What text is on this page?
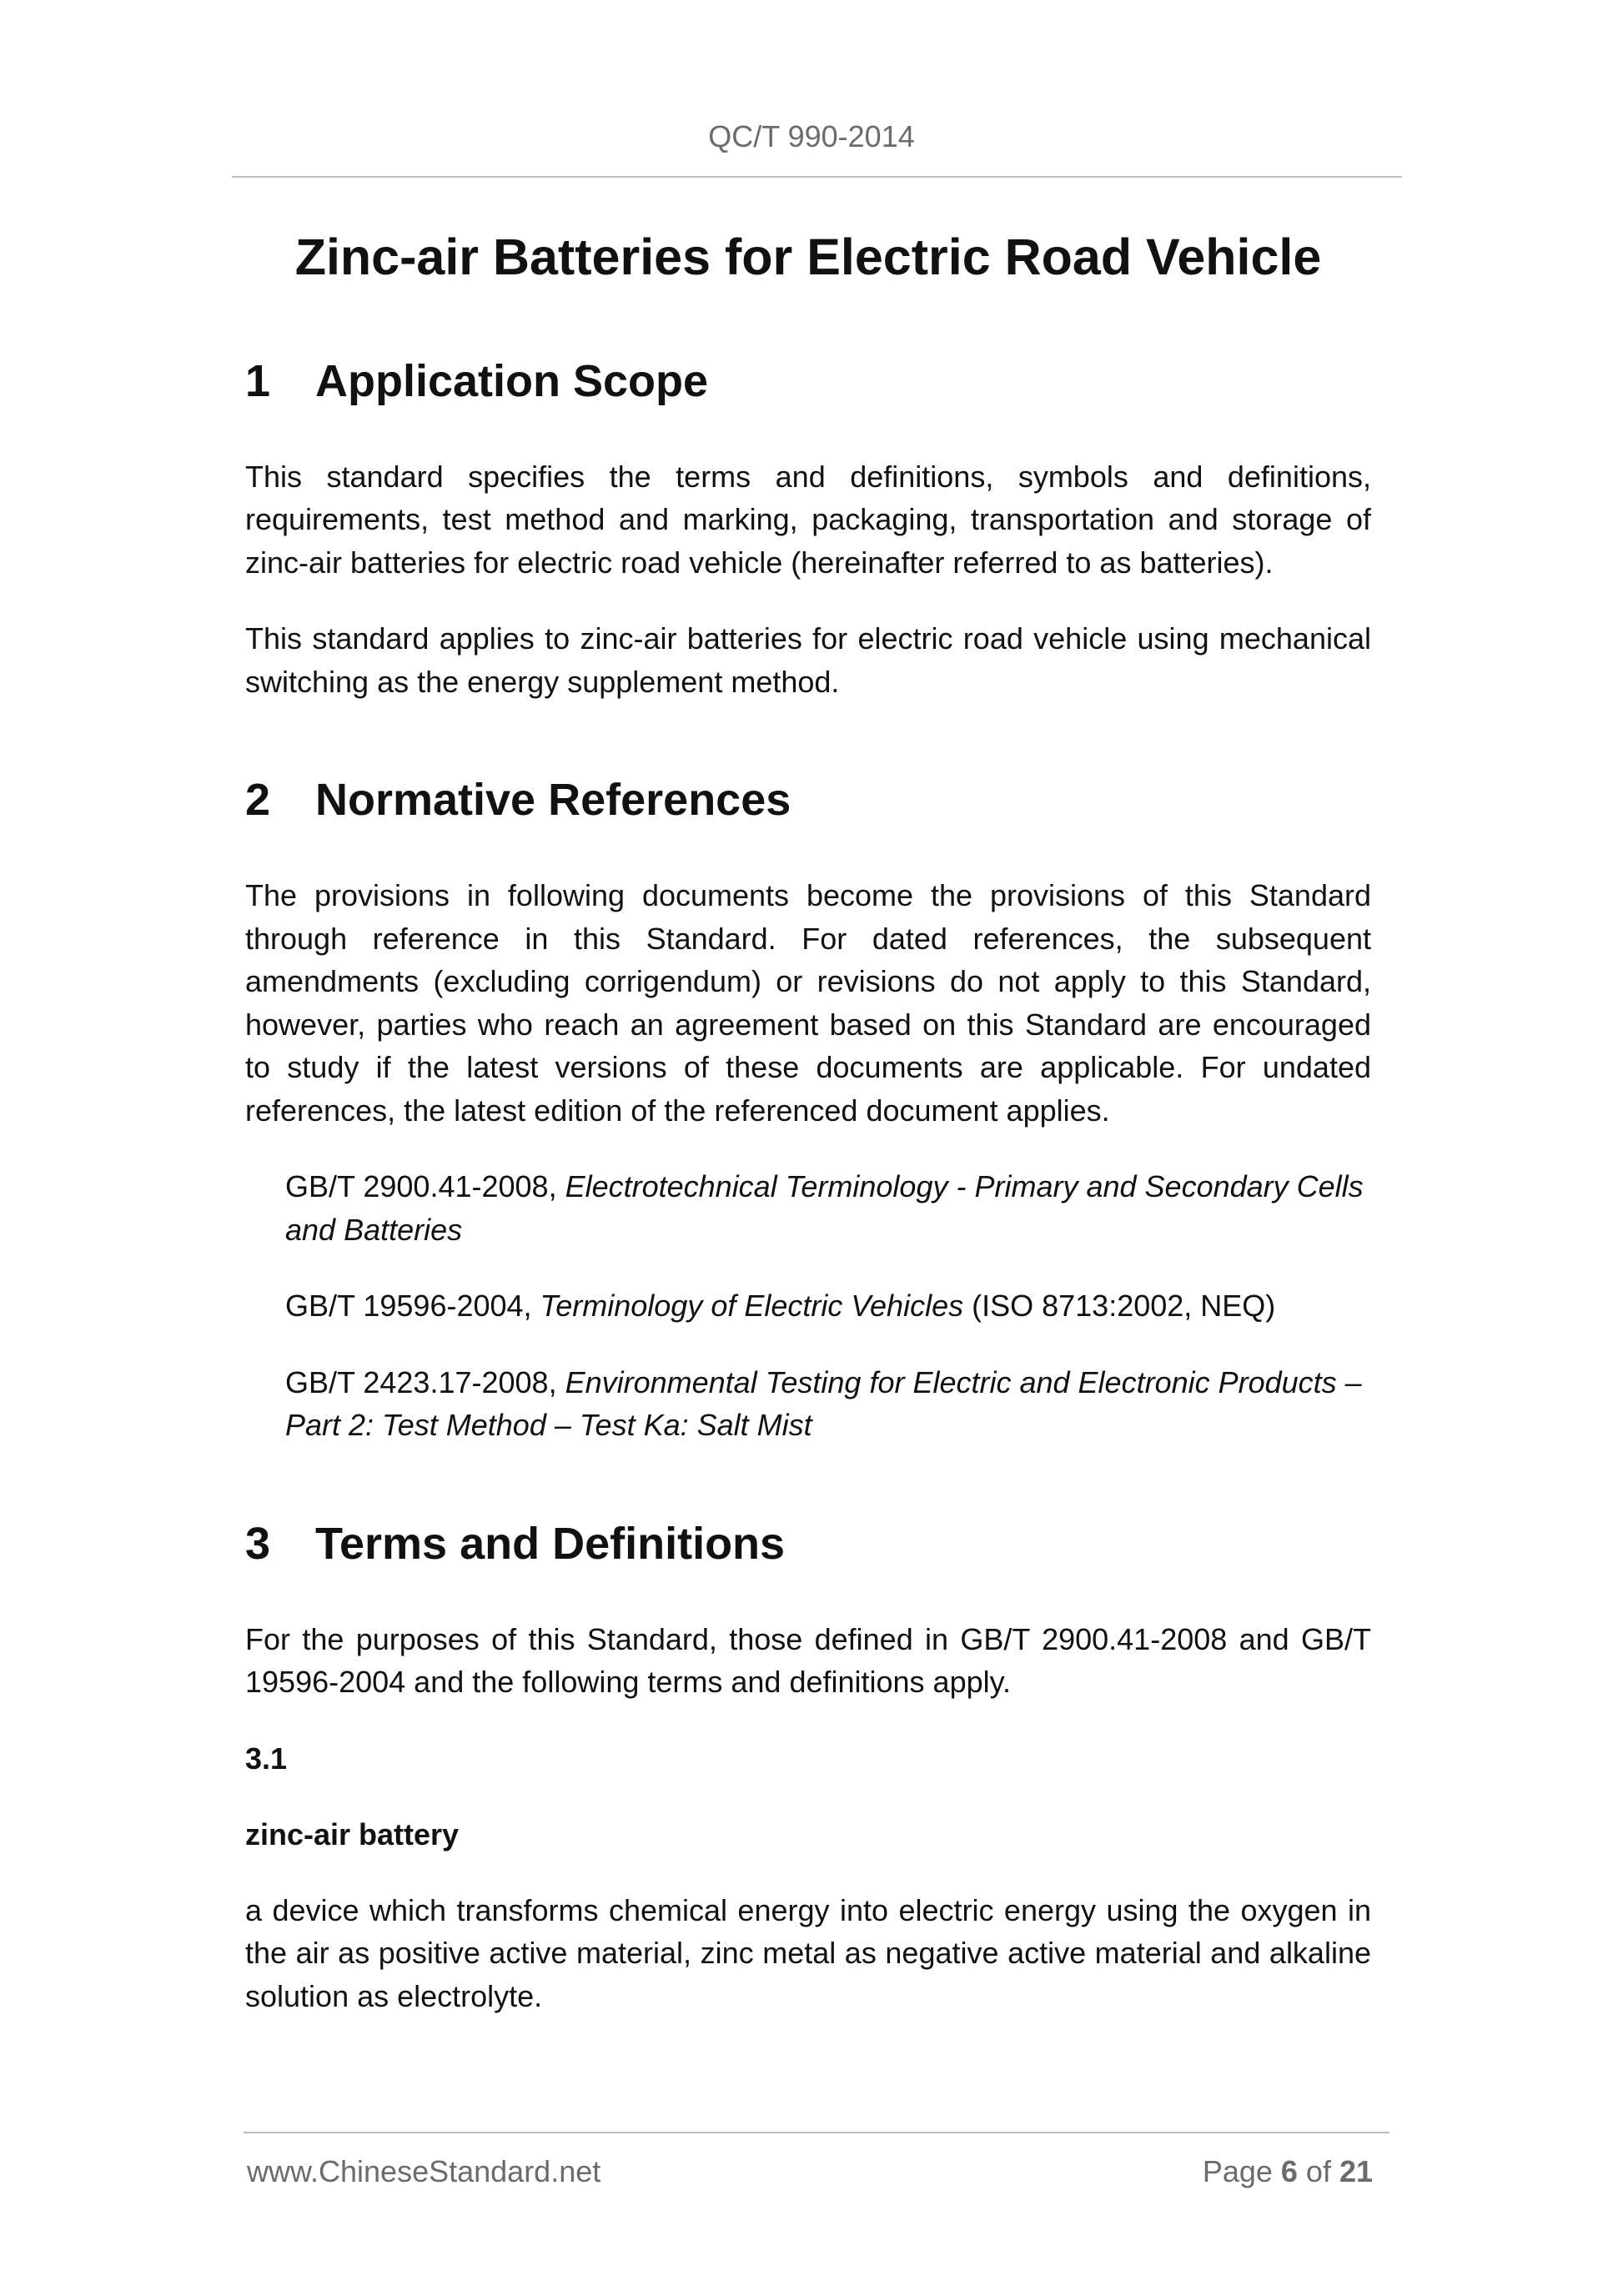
QC/T 990-2014
Zinc-air Batteries for Electric Road Vehicle
1 Application Scope

This standard specifies the terms and definitions, symbols and definitions, requirements, test method and marking, packaging, transportation and storage of zinc-air batteries for electric road vehicle (hereinafter referred to as batteries).

This standard applies to zinc-air batteries for electric road vehicle using mechanical switching as the energy supplement method.

2 Normative References

The provisions in following documents become the provisions of this Standard through reference in this Standard. For dated references, the subsequent amendments (excluding corrigendum) or revisions do not apply to this Standard, however, parties who reach an agreement based on this Standard are encouraged to study if the latest versions of these documents are applicable. For undated references, the latest edition of the referenced document applies.

GB/T 2900.41-2008, Electrotechnical Terminology - Primary and Secondary Cells and Batteries

GB/T 19596-2004, Terminology of Electric Vehicles (ISO 8713:2002, NEQ)

GB/T 2423.17-2008, Environmental Testing for Electric and Electronic Products – Part 2: Test Method – Test Ka: Salt Mist

3 Terms and Definitions

For the purposes of this Standard, those defined in GB/T 2900.41-2008 and GB/T 19596-2004 and the following terms and definitions apply.

3.1

zinc-air battery

a device which transforms chemical energy into electric energy using the oxygen in the air as positive active material, zinc metal as negative active material and alkaline solution as electrolyte.

www.ChineseStandard.net	Page 6 of 21
